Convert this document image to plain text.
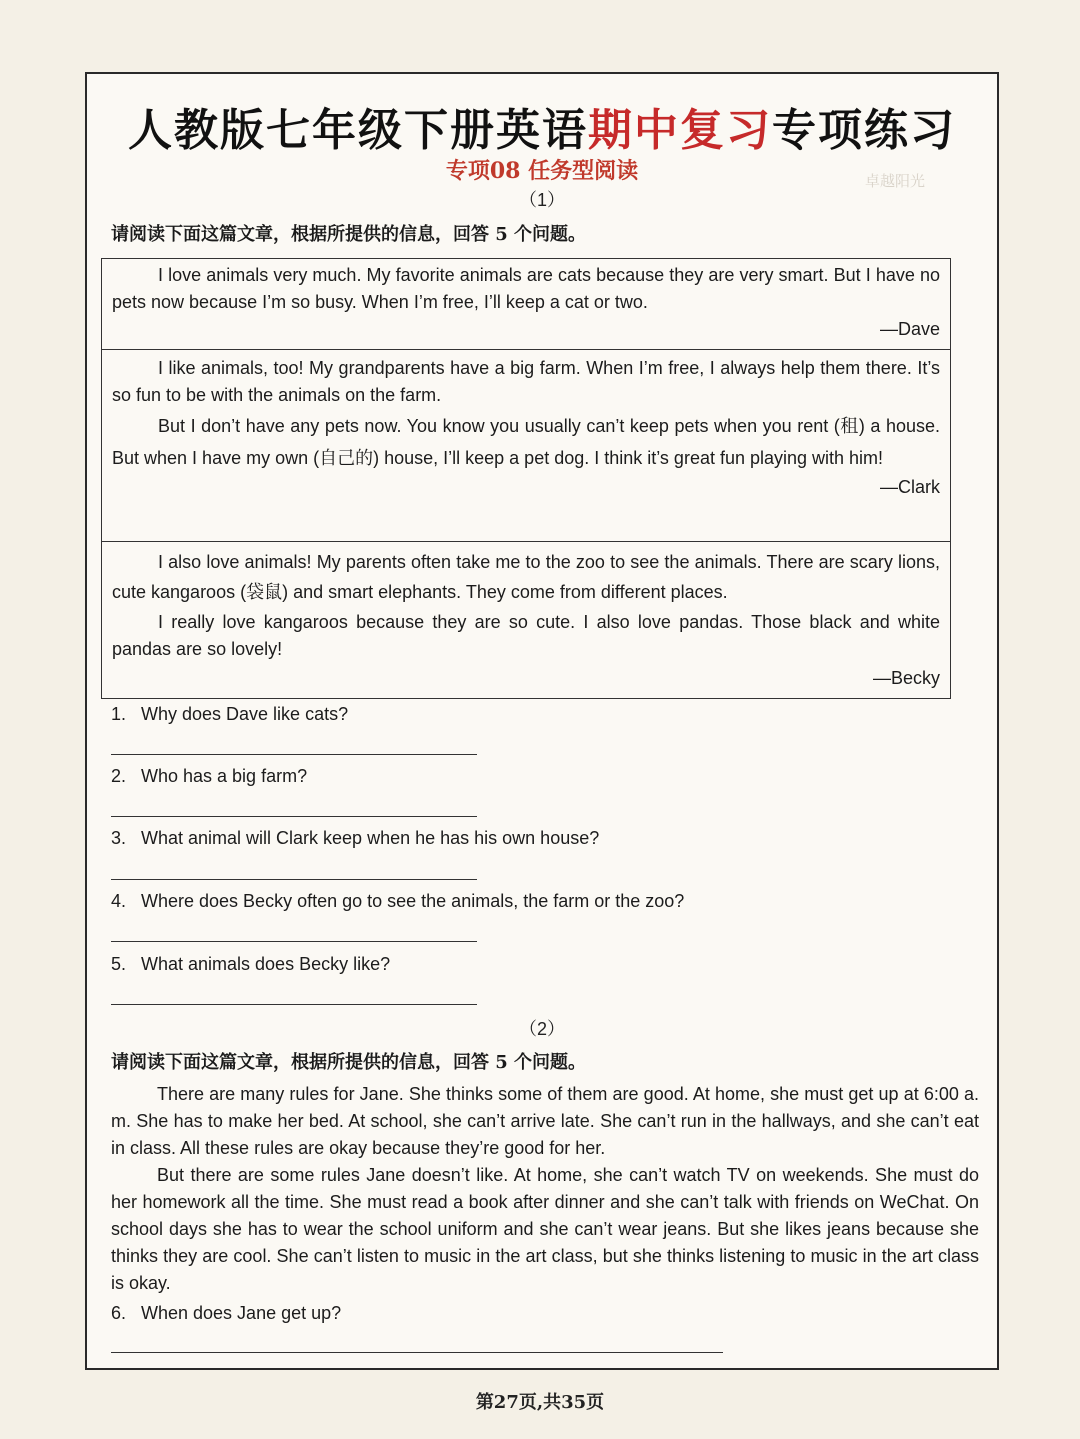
人教版七年级下册英语期中复习专项练习
专项08 任务型阅读	卓越阳光
（1）
请阅读下面这篇文章，根据所提供的信息，回答 5 个问题。

I love animals very much. My favorite animals are cats because they are very smart. But I have no pets now because I’m so busy. When I’m free, I’ll keep a cat or two.

—Dave

I like animals, too! My grandparents have a big farm. When I’m free, I always help them there. It’s so fun to be with the animals on the farm.

But I don’t have any pets now. You know you usually can’t keep pets when you rent (租) a house. But when I have my own (自己的) house, I’ll keep a pet dog. I think it’s great fun playing with him!

—Clark

I also love animals! My parents often take me to the zoo to see the animals. There are scary lions, cute kangaroos (袋鼠) and smart elephants. They come from different places.

I really love kangaroos because they are so cute. I also love pandas. Those black and white pandas are so lovely!

—Becky
1. Why does Dave like cats?
2. Who has a big farm?
3. What animal will Clark keep when he has his own house?
4. Where does Becky often go to see the animals, the farm or the zoo?
5. What animals does Becky like?
（2）
请阅读下面这篇文章，根据所提供的信息，回答 5 个问题。

There are many rules for Jane. She thinks some of them are good. At home, she must get up at 6:00 a. m. She has to make her bed. At school, she can’t arrive late. She can’t run in the hallways, and she can’t eat in class. All these rules are okay because they’re good for her.

But there are some rules Jane doesn’t like. At home, she can’t watch TV on weekends. She must do her homework all the time. She must read a book after dinner and she can’t talk with friends on WeChat. On school days she has to wear the school uniform and she can’t wear jeans. But she likes jeans because she thinks they are cool. She can’t listen to music in the art class, but she thinks listening to music in the art class is okay.

6. When does Jane get up?
第27页,共35页
